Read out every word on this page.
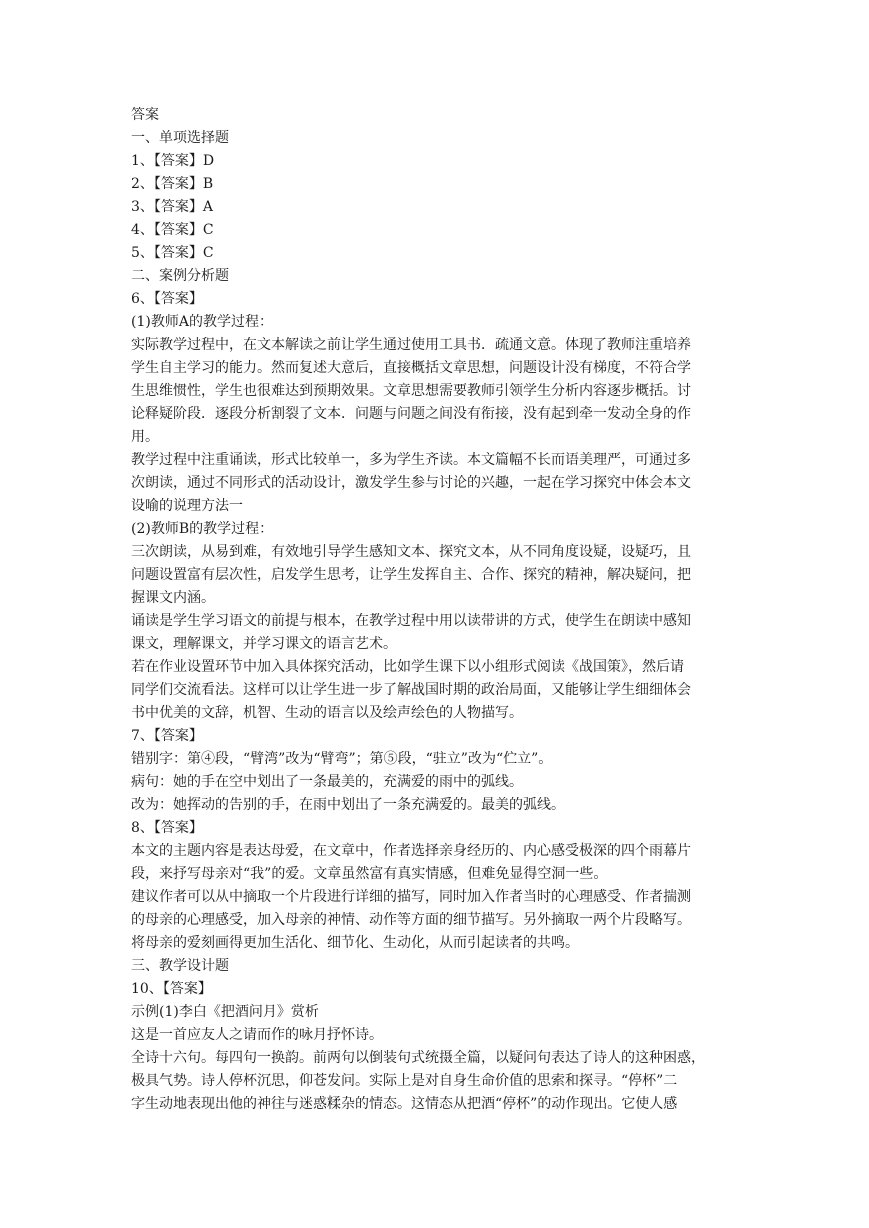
答案
一、单项选择题
1、【答案】D
2、【答案】B
3、【答案】A
4、【答案】C
5、【答案】C
二、案例分析题
6、【答案】
(1)教师A的教学过程：
实际教学过程中，在文本解读之前让学生通过使用工具书．疏通文意。体现了教师注重培养
学生自主学习的能力。然而复述大意后，直接概括文章思想，问题设计没有梯度，不符合学
生思维惯性，学生也很难达到预期效果。文章思想需要教师引领学生分析内容逐步概括。讨
论释疑阶段．逐段分析割裂了文本．问题与问题之间没有衔接，没有起到牵一发动全身的作
用。
教学过程中注重诵读，形式比较单一，多为学生齐读。本文篇幅不长而语美理严，可通过多
次朗读，通过不同形式的活动设计，激发学生参与讨论的兴趣，一起在学习探究中体会本文
设喻的说理方法一
(2)教师B的教学过程：
三次朗读，从易到难，有效地引导学生感知文本、探究文本，从不同角度设疑，设疑巧，且
问题设置富有层次性，启发学生思考，让学生发挥自主、合作、探究的精神，解决疑问，把
握课文内涵。
诵读是学生学习语文的前提与根本，在教学过程中用以读带讲的方式，使学生在朗读中感知
课文，理解课文，并学习课文的语言艺术。
若在作业设置环节中加入具体探究活动，比如学生课下以小组形式阅读《战国策》，然后请
同学们交流看法。这样可以让学生进一步了解战国时期的政治局面，又能够让学生细细体会
书中优美的文辞，机智、生动的语言以及绘声绘色的人物描写。
7、【答案】
错别字：第④段，“臂湾”改为“臂弯”；第⑤段，“驻立”改为“伫立”。
病句：她的手在空中划出了一条最美的，充满爱的雨中的弧线。
改为：她挥动的告别的手，在雨中划出了一条充满爱的。最美的弧线。
8、【答案】
本文的主题内容是表达母爱，在文章中，作者选择亲身经历的、内心感受极深的四个雨幕片
段，来抒写母亲对“我”的爱。文章虽然富有真实情感，但难免显得空洞一些。
建议作者可以从中摘取一个片段进行详细的描写，同时加入作者当时的心理感受、作者揣测
的母亲的心理感受，加入母亲的神情、动作等方面的细节描写。另外摘取一两个片段略写。
将母亲的爱刻画得更加生活化、细节化、生动化，从而引起读者的共鸣。
三、教学设计题
10、【答案】
示例(1)李白《把酒问月》赏析
这是一首应友人之请而作的咏月抒怀诗。
全诗十六句。每四句一换韵。前两句以倒装句式统摄全篇，以疑问句表达了诗人的这种困惑，
极具气势。诗人停杯沉思，仰苍发问。实际上是对自身生命价值的思索和探寻。“停杯”二
字生动地表现出他的神往与迷惑糅杂的情态。这情态从把酒“停杯”的动作现出。它使人感
